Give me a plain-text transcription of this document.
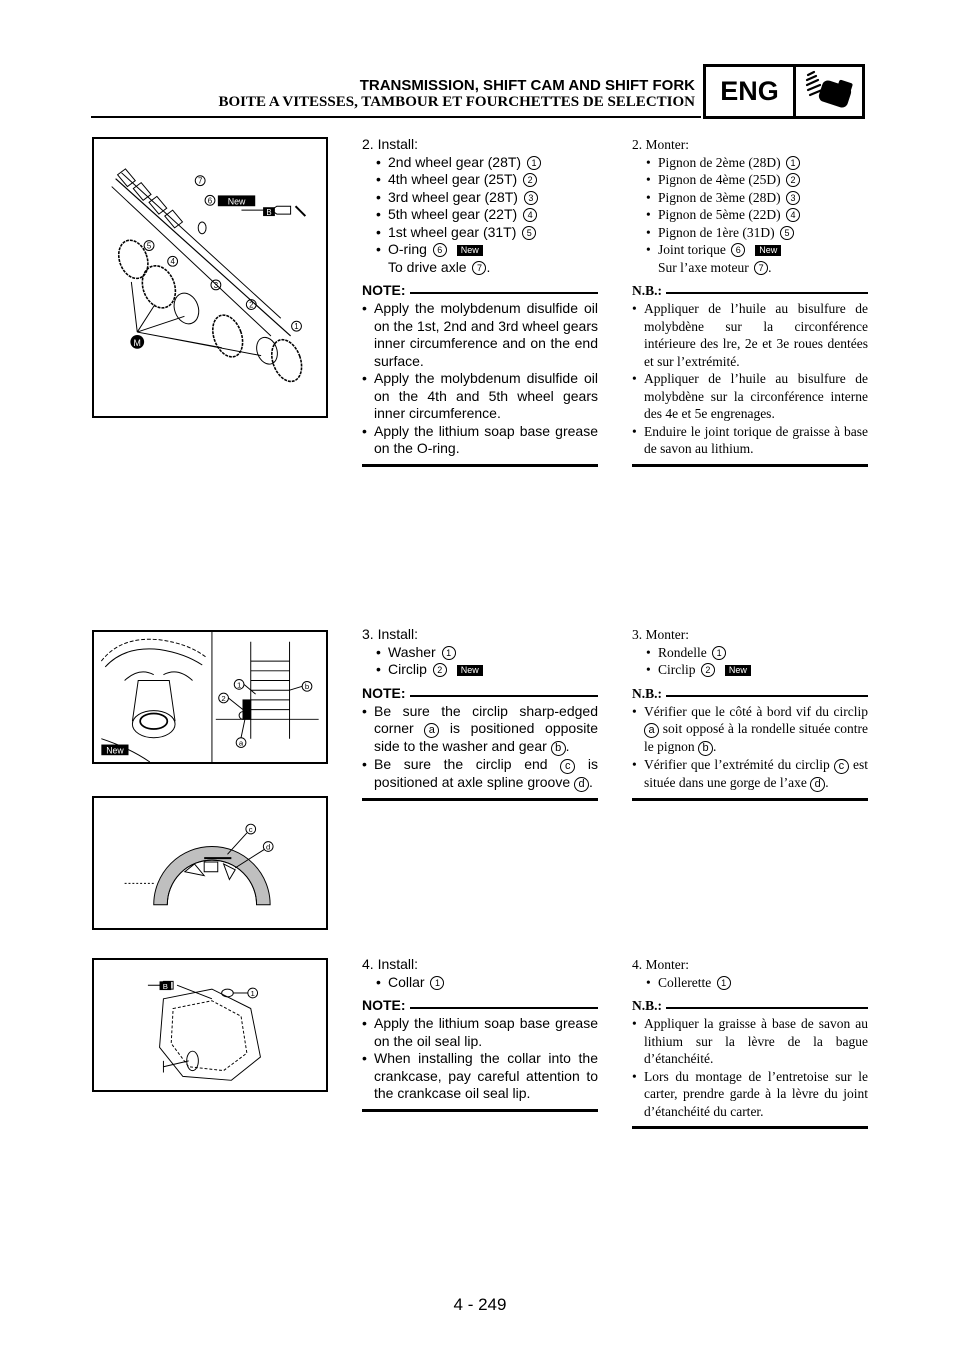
TRANSMISSION, SHIFT CAM AND SHIFT FORK
BOITE A VITESSES, TAMBOUR ET FOURCHETTES DE SELECTION ENG
New
B
M
7
6
5
4
3
2
1
New
1
2
a
b
c
d
B
1

2. Install:

• 2nd wheel gear (28T) 1
• 4th wheel gear (25T) 2
• 3rd wheel gear (28T) 3
• 5th wheel gear (22T) 4
• 1st wheel gear (31T) 5
• O-ring 6 New
To drive axle 7 .
NOTE:
• Apply the molybdenum disulfide oil on the 1st, 2nd and 3rd wheel gears inner circumference and on the end surface.
• Apply the molybdenum disulfide oil on the 4th and 5th wheel gears inner circumference.
• Apply the lithium soap base grease on the O-ring.

2. Monter:

• Pignon de 2ème (28D) 1
• Pignon de 4ème (25D) 2
• Pignon de 3ème (28D) 3
• Pignon de 5ème (22D) 4
• Pignon de 1ère (31D) 5
• Joint torique 6 New
Sur l’axe moteur 7 .
N.B.:
• Appliquer de l’huile au bisulfure de molybdène sur la circonférence intérieure des lre, 2e et 3e roues dentées et sur l’extrémité.
• Appliquer de l’huile au bisulfure de molybdène sur la circonférence interne des 4e et 5e engrenages.
• Enduire le joint torique de graisse à base de savon au lithium.

3. Install:

• Washer 1
• Circlip 2 New
NOTE:
• Be sure the circlip sharp-edged corner a is positioned opposite side to the washer and gear b .
• Be sure the circlip end c is positioned at axle spline groove d .

3. Monter:

• Rondelle 1
• Circlip 2 New
N.B.:
• Vérifier que le côté à bord vif du circlip a soit opposé à la rondelle située contre le pignon b .
• Vérifier que l’extrémité du circlip c est située dans une gorge de l’axe d .

4. Install:

• Collar 1
NOTE:
• Apply the lithium soap base grease on the oil seal lip.
• When installing the collar into the crankcase, pay careful attention to the crankcase oil seal lip.

4. Monter:

• Collerette 1
N.B.:
• Appliquer la graisse à base de savon au lithium sur la lèvre de la bague d’étanchéité.
• Lors du montage de l’entretoise sur le carter, prendre garde à la lèvre du joint d’étanchéité du carter.
4 - 249
